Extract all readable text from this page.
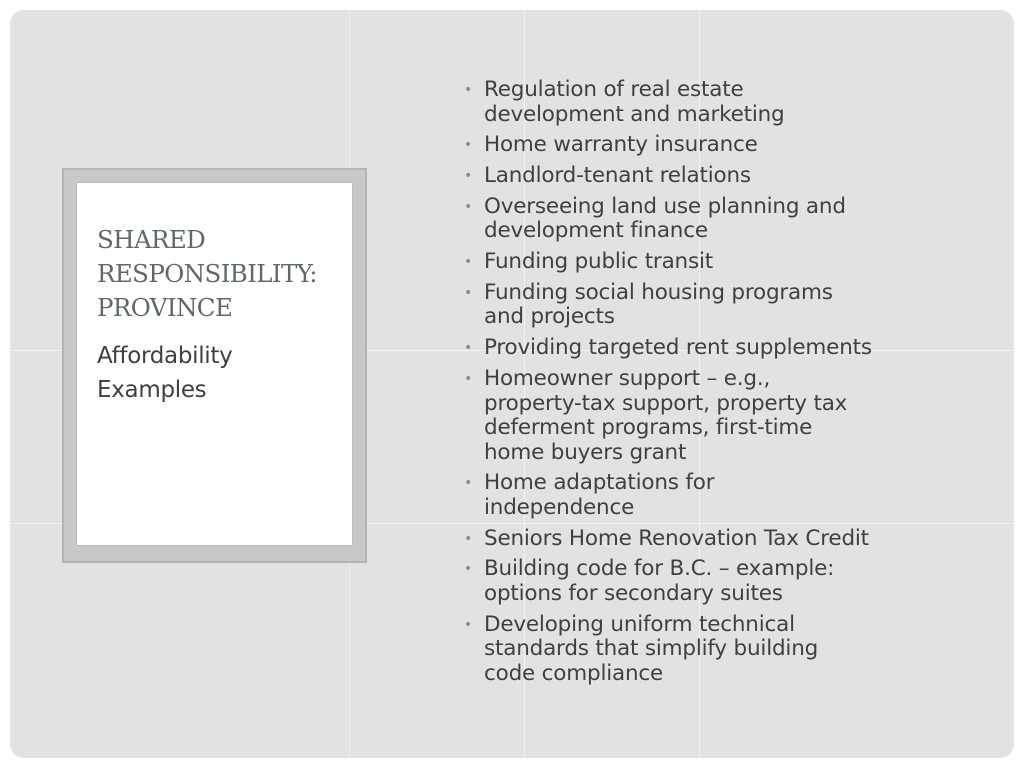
SHARED
RESPONSIBILITY:
PROVINCE

Affordability
Examples

• Regulation of real estate
development and marketing
• Home warranty insurance
• Landlord-tenant relations
• Overseeing land use planning and
development finance
• Funding public transit
• Funding social housing programs
and projects
• Providing targeted rent supplements
• Homeowner support – e.g.,
property-tax support, property tax
deferment programs, first-time
home buyers grant
• Home adaptations for
independence
• Seniors Home Renovation Tax Credit
• Building code for B.C. – example:
options for secondary suites
• Developing uniform technical
standards that simplify building
code compliance
